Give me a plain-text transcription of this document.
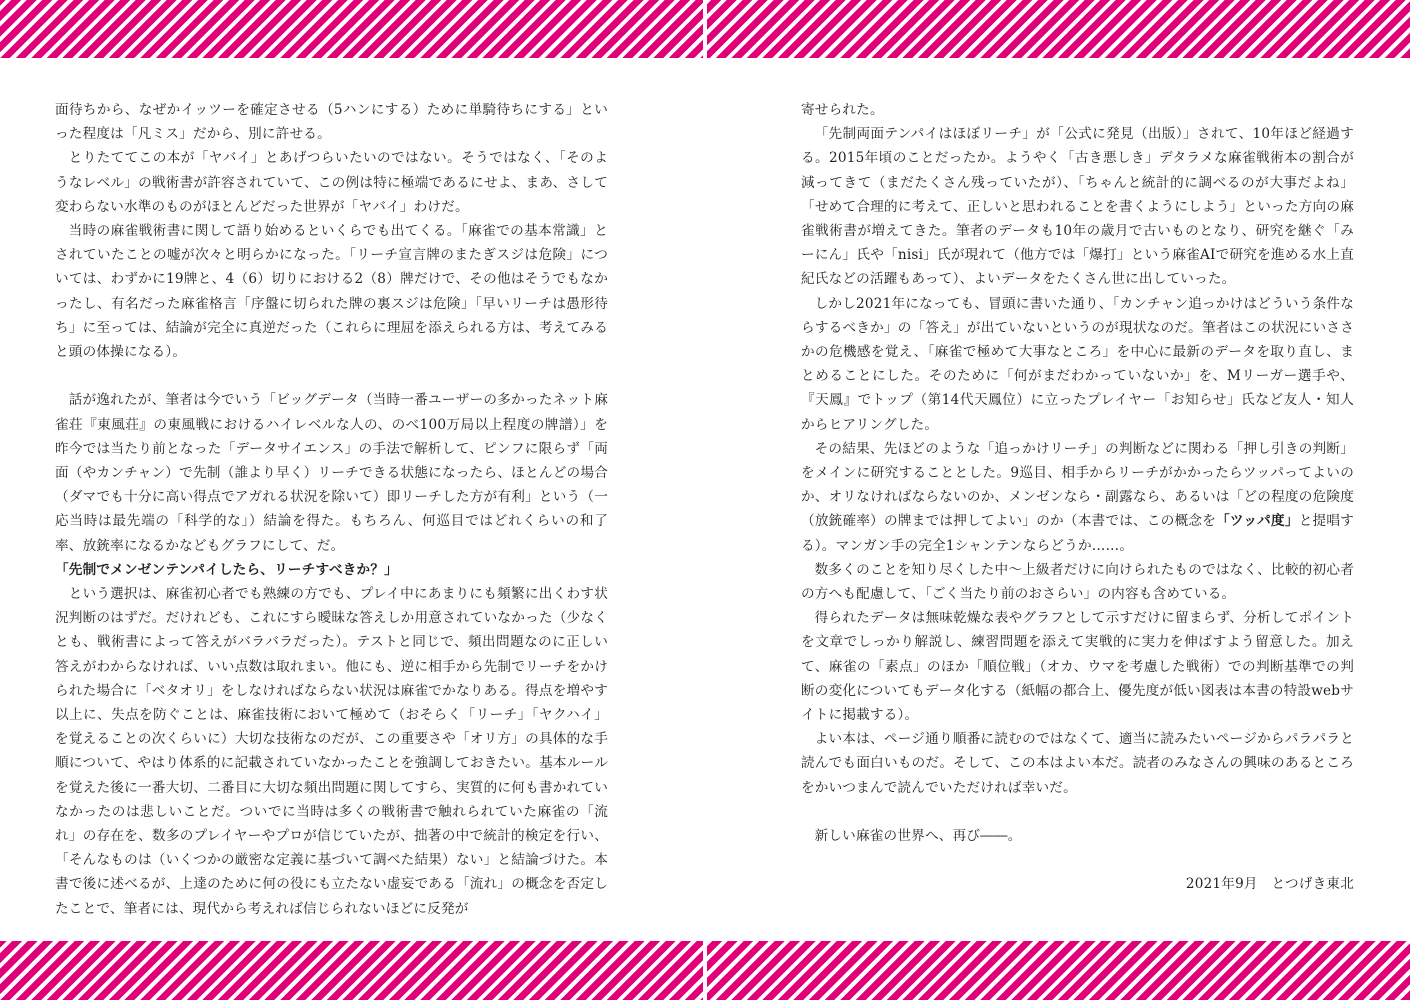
面待ちから、なぜかイッツーを確定させる（5ハンにする）ために単騎待ちにする」といった程度は「凡ミス」だから、別に許せる。

とりたててこの本が「ヤバイ」とあげつらいたいのではない。そうではなく、「そのようなレベル」の戦術書が許容されていて、この例は特に極端であるにせよ、まあ、さして変わらない水準のものがほとんどだった世界が「ヤバイ」わけだ。

当時の麻雀戦術書に関して語り始めるといくらでも出てくる。「麻雀での基本常識」とされていたことの嘘が次々と明らかになった。「リーチ宣言牌のまたぎスジは危険」については、わずかに19牌と、4（6）切りにおける2（8）牌だけで、その他はそうでもなかったし、有名だった麻雀格言「序盤に切られた牌の裏スジは危険」「早いリーチは愚形待ち」に至っては、結論が完全に真逆だった（これらに理屈を添えられる方は、考えてみると頭の体操になる）。

話が逸れたが、筆者は今でいう「ビッグデータ（当時一番ユーザーの多かったネット麻雀荘『東風荘』の東風戦におけるハイレベルな人の、のべ100万局以上程度の牌譜）」を昨今では当たり前となった「データサイエンス」の手法で解析して、ピンフに限らず「両面（やカンチャン）で先制（誰より早く）リーチできる状態になったら、ほとんどの場合（ダマでも十分に高い得点でアガれる状況を除いて）即リーチした方が有利」という（一応当時は最先端の「科学的な」）結論を得た。もちろん、何巡目ではどれくらいの和了率、放銃率になるかなどもグラフにして、だ。

「先制でメンゼンテンパイしたら、リーチすべきか？」

という選択は、麻雀初心者でも熟練の方でも、プレイ中にあまりにも頻繁に出くわす状況判断のはずだ。だけれども、これにすら曖昧な答えしか用意されていなかった（少なくとも、戦術書によって答えがバラバラだった）。テストと同じで、頻出問題なのに正しい答えがわからなければ、いい点数は取れまい。他にも、逆に相手から先制でリーチをかけられた場合に「ベタオリ」をしなければならない状況は麻雀でかなりある。得点を増やす以上に、失点を防ぐことは、麻雀技術において極めて（おそらく「リーチ」「ヤクハイ」を覚えることの次くらいに）大切な技術なのだが、この重要さや「オリ方」の具体的な手順について、やはり体系的に記載されていなかったことを強調しておきたい。基本ルールを覚えた後に一番大切、二番目に大切な頻出問題に関してすら、実質的に何も書かれていなかったのは悲しいことだ。ついでに当時は多くの戦術書で触れられていた麻雀の「流れ」の存在を、数多のプレイヤーやプロが信じていたが、拙著の中で統計的検定を行い、「そんなものは（いくつかの厳密な定義に基づいて調べた結果）ない」と結論づけた。本書で後に述べるが、上達のために何の役にも立たない虚妄である「流れ」の概念を否定したことで、筆者には、現代から考えれば信じられないほどに反発が

寄せられた。

「先制両面テンパイはほぼリーチ」が「公式に発見（出版）」されて、10年ほど経過する。2015年頃のことだったか。ようやく「古き悪しき」デタラメな麻雀戦術本の割合が減ってきて（まだたくさん残っていたが）、「ちゃんと統計的に調べるのが大事だよね」「せめて合理的に考えて、正しいと思われることを書くようにしよう」といった方向の麻雀戦術書が増えてきた。筆者のデータも10年の歳月で古いものとなり、研究を継ぐ「みーにん」氏や「nisi」氏が現れて（他方では「爆打」という麻雀AIで研究を進める水上直紀氏などの活躍もあって）、よいデータをたくさん世に出していった。

しかし2021年になっても、冒頭に書いた通り、「カンチャン追っかけはどういう条件ならするべきか」の「答え」が出ていないというのが現状なのだ。筆者はこの状況にいささかの危機感を覚え、「麻雀で極めて大事なところ」を中心に最新のデータを取り直し、まとめることにした。そのために「何がまだわかっていないか」を、Mリーガー選手や、『天鳳』でトップ（第14代天鳳位）に立ったプレイヤー「お知らせ」氏など友人・知人からヒアリングした。

その結果、先ほどのような「追っかけリーチ」の判断などに関わる「押し引きの判断」をメインに研究することとした。9巡目、相手からリーチがかかったらツッパってよいのか、オリなければならないのか、メンゼンなら・副露なら、あるいは「どの程度の危険度（放銃確率）の牌までは押してよい」のか（本書では、この概念を「ツッパ度」と提唱する）。マンガン手の完全1シャンテンならどうか……。

数多くのことを知り尽くした中～上級者だけに向けられたものではなく、比較的初心者の方へも配慮して、「ごく当たり前のおさらい」の内容も含めている。

得られたデータは無味乾燥な表やグラフとして示すだけに留まらず、分析してポイントを文章でしっかり解説し、練習問題を添えて実戦的に実力を伸ばすよう留意した。加えて、麻雀の「素点」のほか「順位戦」（オカ、ウマを考慮した戦術）での判断基準での判断の変化についてもデータ化する（紙幅の都合上、優先度が低い図表は本書の特設webサイトに掲載する）。

よい本は、ページ通り順番に読むのではなくて、適当に読みたいページからパラパラと読んでも面白いものだ。そして、この本はよい本だ。読者のみなさんの興味のあるところをかいつまんで読んでいただければ幸いだ。

新しい麻雀の世界へ、再び――。

2021年9月　とつげき東北
